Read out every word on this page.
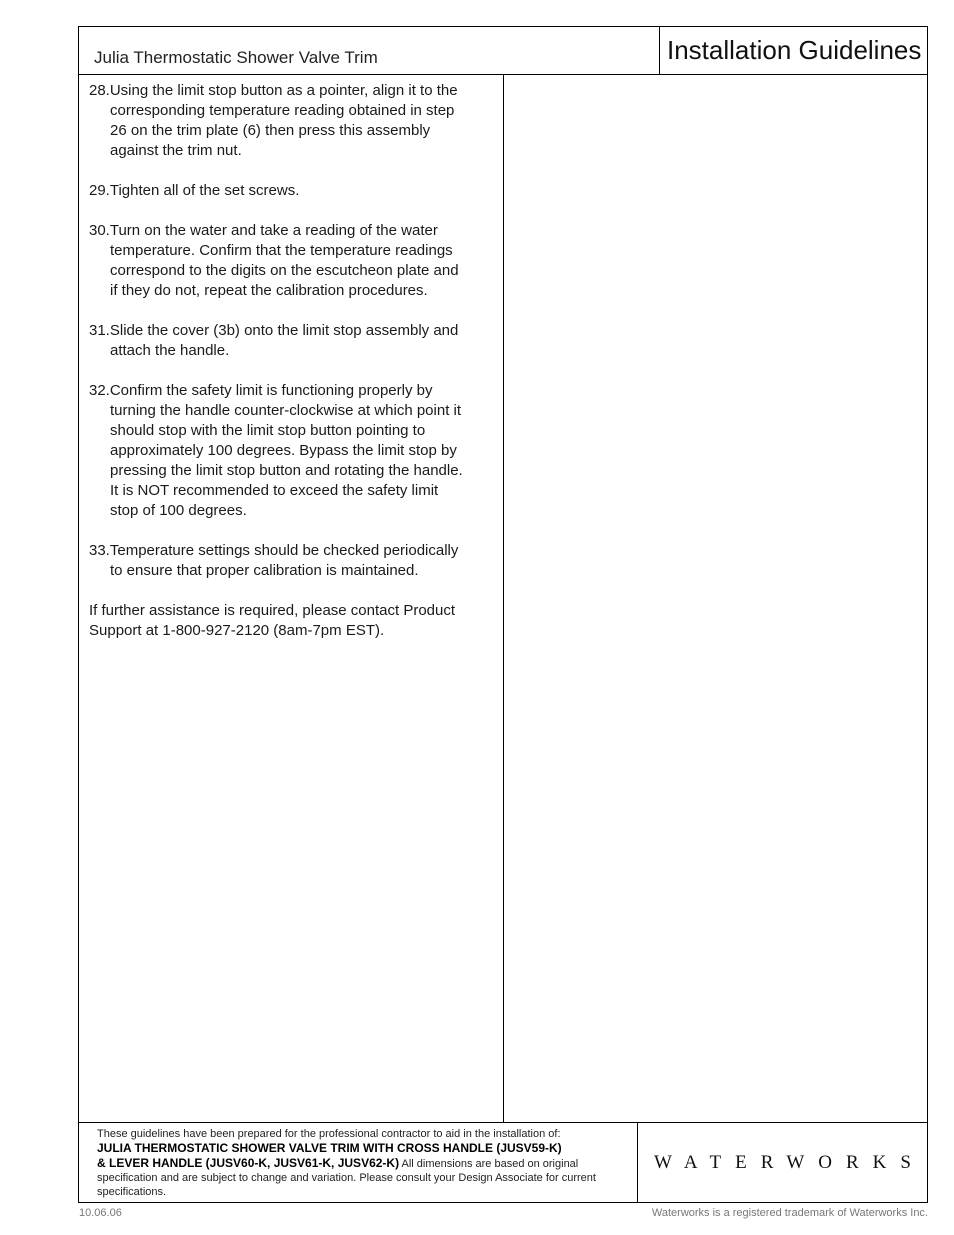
Julia Thermostatic Shower Valve Trim	Installation Guidelines

28.Using the limit stop button as a pointer, align it to the corresponding temperature reading obtained in step 26 on the trim plate (6) then press this assembly against the trim nut.

29.Tighten all of the set screws.

30.Turn on the water and take a reading of the water temperature. Confirm that the temperature readings correspond to the digits on the escutcheon plate and if they do not, repeat the calibration procedures.

31.Slide the cover (3b) onto the limit stop assembly and attach the handle.

32.Confirm the safety limit is functioning properly by turning the handle counter-clockwise at which point it should stop with the limit stop button pointing to approximately 100 degrees. Bypass the limit stop by pressing the limit stop button and rotating the handle. It is NOT recommended to exceed the safety limit stop of 100 degrees.

33.Temperature settings should be checked periodically to ensure that proper calibration is maintained.

If further assistance is required, please contact Product Support at 1-800-927-2120 (8am-7pm EST).

These guidelines have been prepared for the professional contractor to aid in the installation of:
JULIA THERMOSTATIC SHOWER VALVE TRIM WITH CROSS HANDLE (JUSV59-K)
& LEVER HANDLE (JUSV60-K, JUSV61-K, JUSV62-K) All dimensions are based on original specification and are subject to change and variation. Please consult your Design Associate for current specifications.
WATERWORKS
10.06.06	Waterworks is a registered trademark of Waterworks Inc.
